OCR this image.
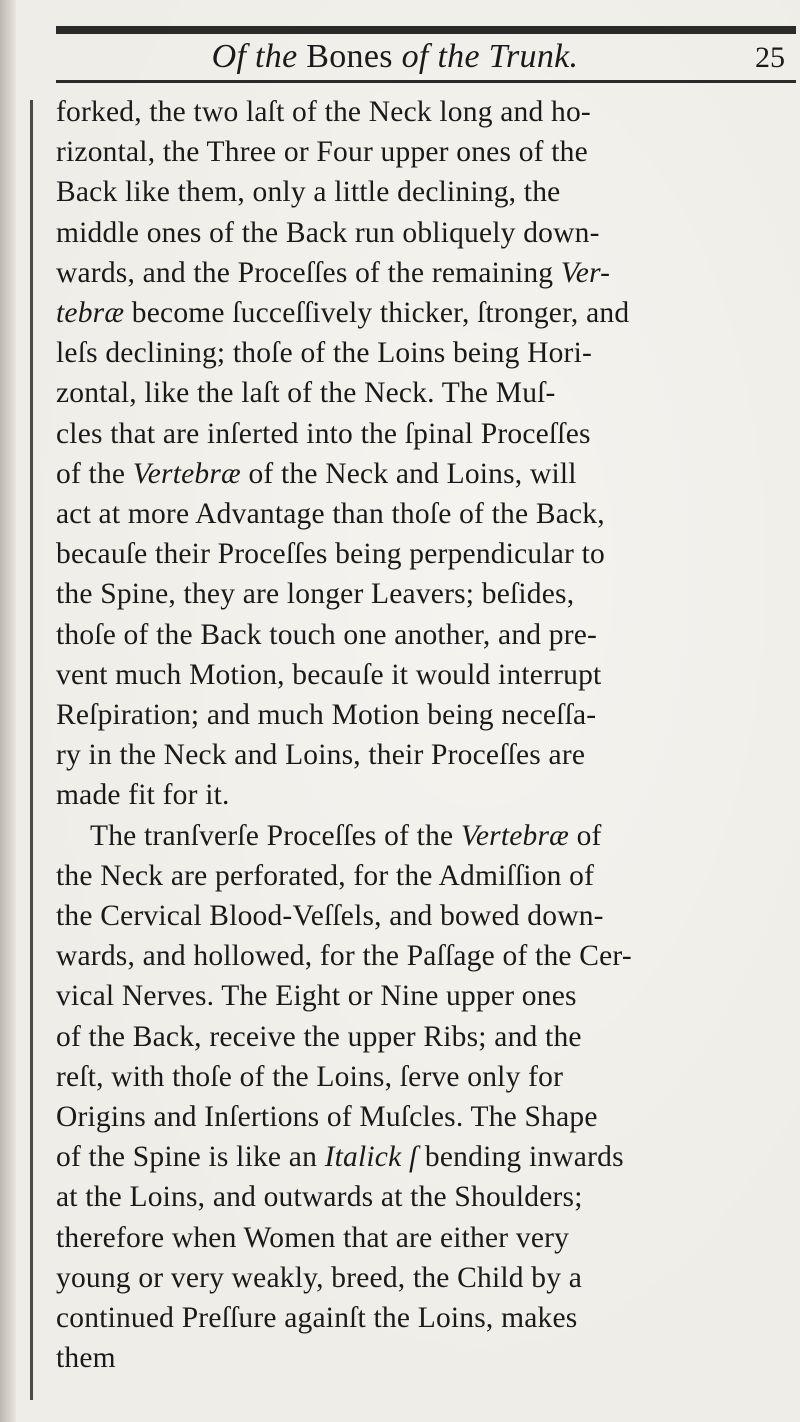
Of the Bones of the Trunk.	25
forked, the two laſt of the Neck long and ho-
rizontal, the Three or Four upper ones of the
Back like them, only a little declining, the
middle ones of the Back run obliquely down-
wards, and the Proceſſes of the remaining Ver-
tebræ become ſucceſſively thicker, ſtronger, and
leſs declining; thoſe of the Loins being Hori-
zontal, like the laſt of the Neck. The Muſ-
cles that are inſerted into the ſpinal Proceſſes
of the Vertebræ of the Neck and Loins, will
act at more Advantage than thoſe of the Back,
becauſe their Proceſſes being perpendicular to
the Spine, they are longer Leavers; beſides,
thoſe of the Back touch one another, and pre-
vent much Motion, becauſe it would interrupt
Reſpiration; and much Motion being neceſſa-
ry in the Neck and Loins, their Proceſſes are
made fit for it.
The tranſverſe Proceſſes of the Vertebræ of
the Neck are perforated, for the Admiſſion of
the Cervical Blood-Veſſels, and bowed down-
wards, and hollowed, for the Paſſage of the Cer-
vical Nerves. The Eight or Nine upper ones
of the Back, receive the upper Ribs; and the
reſt, with thoſe of the Loins, ſerve only for
Origins and Inſertions of Muſcles. The Shape
of the Spine is like an Italick ſ bending inwards
at the Loins, and outwards at the Shoulders;
therefore when Women that are either very
young or very weakly, breed, the Child by a
continued Preſſure againſt the Loins, makes
them
